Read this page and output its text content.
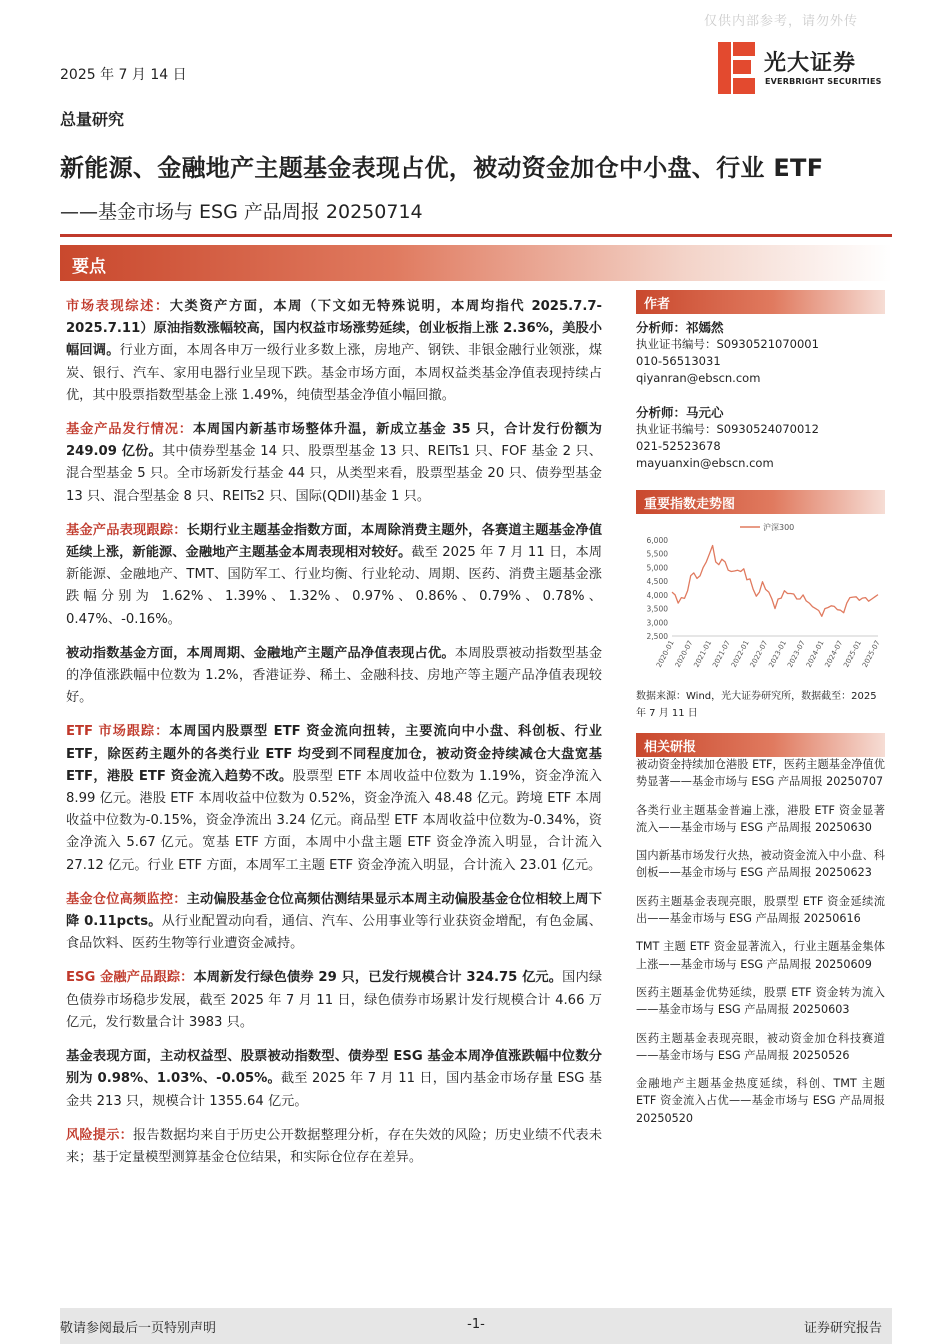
仅供内部参考，请勿外传
2025 年 7 月 14 日	光大证券
EVERBRIGHT SECURITIES
总量研究
新能源、金融地产主题基金表现占优，被动资金加仓中小盘、行业 ETF
——基金市场与 ESG 产品周报 20250714
要点

市场表现综述：大类资产方面，本周（下文如无特殊说明，本周均指代 2025.7.7-2025.7.11）原油指数涨幅较高，国内权益市场涨势延续，创业板指上涨 2.36%，美股小幅回调。行业方面，本周各申万一级行业多数上涨，房地产、钢铁、非银金融行业领涨，煤炭、银行、汽车、家用电器行业呈现下跌。基金市场方面，本周权益类基金净值表现持续占优，其中股票指数型基金上涨 1.49%，纯债型基金净值小幅回撤。

基金产品发行情况：本周国内新基市场整体升温，新成立基金 35 只，合计发行份额为 249.09 亿份。其中债券型基金 14 只、股票型基金 13 只、REITs1 只、FOF 基金 2 只、混合型基金 5 只。全市场新发行基金 44 只，从类型来看，股票型基金 20 只、债券型基金 13 只、混合型基金 8 只、REITs2 只、国际(QDII)基金 1 只。

基金产品表现跟踪：长期行业主题基金指数方面，本周除消费主题外，各赛道主题基金净值延续上涨，新能源、金融地产主题基金本周表现相对较好。截至 2025 年 7 月 11 日，本周新能源、金融地产、TMT、国防军工、行业均衡、行业轮动、周期、医药、消费主题基金涨跌幅分别为 1.62%、1.39%、1.32%、0.97%、0.86%、0.79%、0.78%、0.47%、-0.16%。

被动指数基金方面，本周周期、金融地产主题产品净值表现占优。本周股票被动指数型基金的净值涨跌幅中位数为 1.2%，香港证券、稀土、金融科技、房地产等主题产品净值表现较好。

ETF 市场跟踪：本周国内股票型 ETF 资金流向扭转，主要流向中小盘、科创板、行业 ETF，除医药主题外的各类行业 ETF 均受到不同程度加仓，被动资金持续减仓大盘宽基 ETF，港股 ETF 资金流入趋势不改。股票型 ETF 本周收益中位数为 1.19%，资金净流入 8.99 亿元。港股 ETF 本周收益中位数为 0.52%，资金净流入 48.48 亿元。跨境 ETF 本周收益中位数为-0.15%，资金净流出 3.24 亿元。商品型 ETF 本周收益中位数为-0.34%，资金净流入 5.67 亿元。宽基 ETF 方面，本周中小盘主题 ETF 资金净流入明显，合计流入 27.12 亿元。行业 ETF 方面，本周军工主题 ETF 资金净流入明显，合计流入 23.01 亿元。

基金仓位高频监控：主动偏股基金仓位高频估测结果显示本周主动偏股基金仓位相较上周下降 0.11pcts。从行业配置动向看，通信、汽车、公用事业等行业获资金增配，有色金属、食品饮料、医药生物等行业遭资金减持。

ESG 金融产品跟踪：本周新发行绿色债券 29 只，已发行规模合计 324.75 亿元。国内绿色债券市场稳步发展，截至 2025 年 7 月 11 日，绿色债券市场累计发行规模合计 4.66 万亿元，发行数量合计 3983 只。

基金表现方面，主动权益型、股票被动指数型、债券型 ESG 基金本周净值涨跌幅中位数分别为 0.98%、1.03%、-0.05%。截至 2025 年 7 月 11 日，国内基金市场存量 ESG 基金共 213 只，规模合计 1355.64 亿元。

风险提示：报告数据均来自于历史公开数据整理分析，存在失效的风险；历史业绩不代表未来；基于定量模型测算基金仓位结果，和实际仓位存在差异。

作者
分析师：祁嫣然
执业证书编号：S0930521070001
010-56513031
qiyanran@ebscn.com
分析师：马元心
执业证书编号：S0930524070012
021-52523678
mayuanxin@ebscn.com
重要指数走势图
6,000
5,500
5,000
4,500
4,000
3,500
3,000
2,500
2020-01
2020-07
2021-01
2021-07
2022-01
2022-07
2023-01
2023-07
2024-01
2024-07
2025-01
2025-07
沪深300
数据来源：Wind，光大证券研究所，数据截至：2025 年 7 月 11 日
相关研报
被动资金持续加仓港股 ETF，医药主题基金净值优势显著——基金市场与 ESG 产品周报 20250707
各类行业主题基金普遍上涨，港股 ETF 资金显著流入——基金市场与 ESG 产品周报 20250630
国内新基市场发行火热，被动资金流入中小盘、科创板——基金市场与 ESG 产品周报 20250623
医药主题基金表现亮眼，股票型 ETF 资金延续流出——基金市场与 ESG 产品周报 20250616
TMT 主题 ETF 资金显著流入，行业主题基金集体上涨——基金市场与 ESG 产品周报 20250609
医药主题基金优势延续，股票 ETF 资金转为流入——基金市场与 ESG 产品周报 20250603
医药主题基金表现亮眼，被动资金加仓科技赛道——基金市场与 ESG 产品周报 20250526
金融地产主题基金热度延续，科创、TMT 主题 ETF 资金流入占优——基金市场与 ESG 产品周报 20250520
-1-
敬请参阅最后一页特别声明	证券研究报告
